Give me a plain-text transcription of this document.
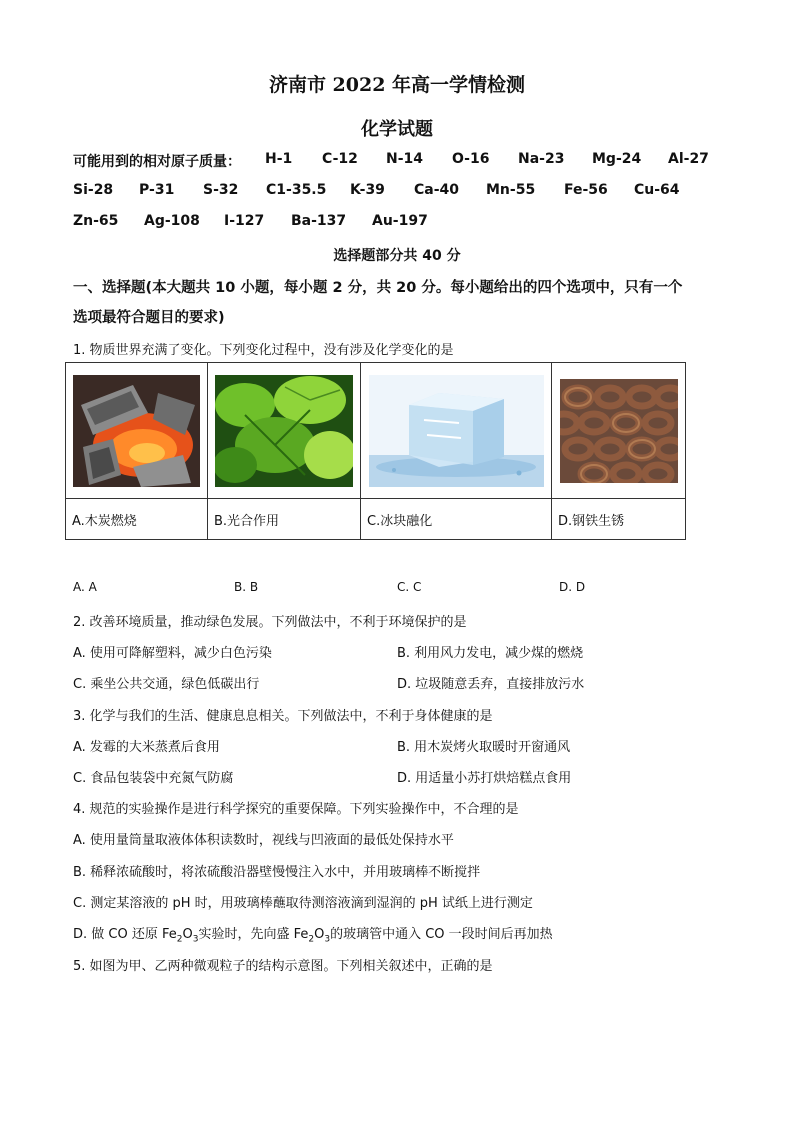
济南市 2022 年高一学情检测
化学试题
可能用到的相对原子质量： H-1 C-12 N-14 O-16 Na-23 Mg-24 Al-27
Si-28 P-31 S-32 C1-35.5 K-39 Ca-40 Mn-55 Fe-56 Cu-64
Zn-65 Ag-108 I-127 Ba-137 Au-197
选择题部分共 40 分
一、选择题(本大题共 10 小题，每小题 2 分，共 20 分。每小题给出的四个选项中，只有一个
选项最符合题目的要求)
1. 物质世界充满了变化。下列变化过程中，没有涉及化学变化的是

A.木炭燃烧	B.光合作用	C.冰块融化	D.钢铁生锈
A. A	B. B	C. C	D. D
2. 改善环境质量，推动绿色发展。下列做法中，不利于环境保护的是
A. 使用可降解塑料，减少白色污染	B. 利用风力发电，减少煤的燃烧
C. 乘坐公共交通，绿色低碳出行	D. 垃圾随意丢弃，直接排放污水
3. 化学与我们的生活、健康息息相关。下列做法中，不利于身体健康的是
A. 发霉的大米蒸煮后食用	B. 用木炭烤火取暖时开窗通风
C. 食品包装袋中充氮气防腐	D. 用适量小苏打烘焙糕点食用
4. 规范的实验操作是进行科学探究的重要保障。下列实验操作中，不合理的是
A. 使用量筒量取液体体积读数时，视线与凹液面的最低处保持水平
B. 稀释浓硫酸时，将浓硫酸沿器壁慢慢注入水中，并用玻璃棒不断搅拌
C. 测定某溶液的 pH 时，用玻璃棒蘸取待测溶液滴到湿润的 pH 试纸上进行测定
D. 做 CO 还原 $Fe_2O_3$实验时，先向盛 $Fe_2O_3$的玻璃管中通入 CO 一段时间后再加热
5. 如图为甲、乙两种微观粒子的结构示意图。下列相关叙述中，正确的是
